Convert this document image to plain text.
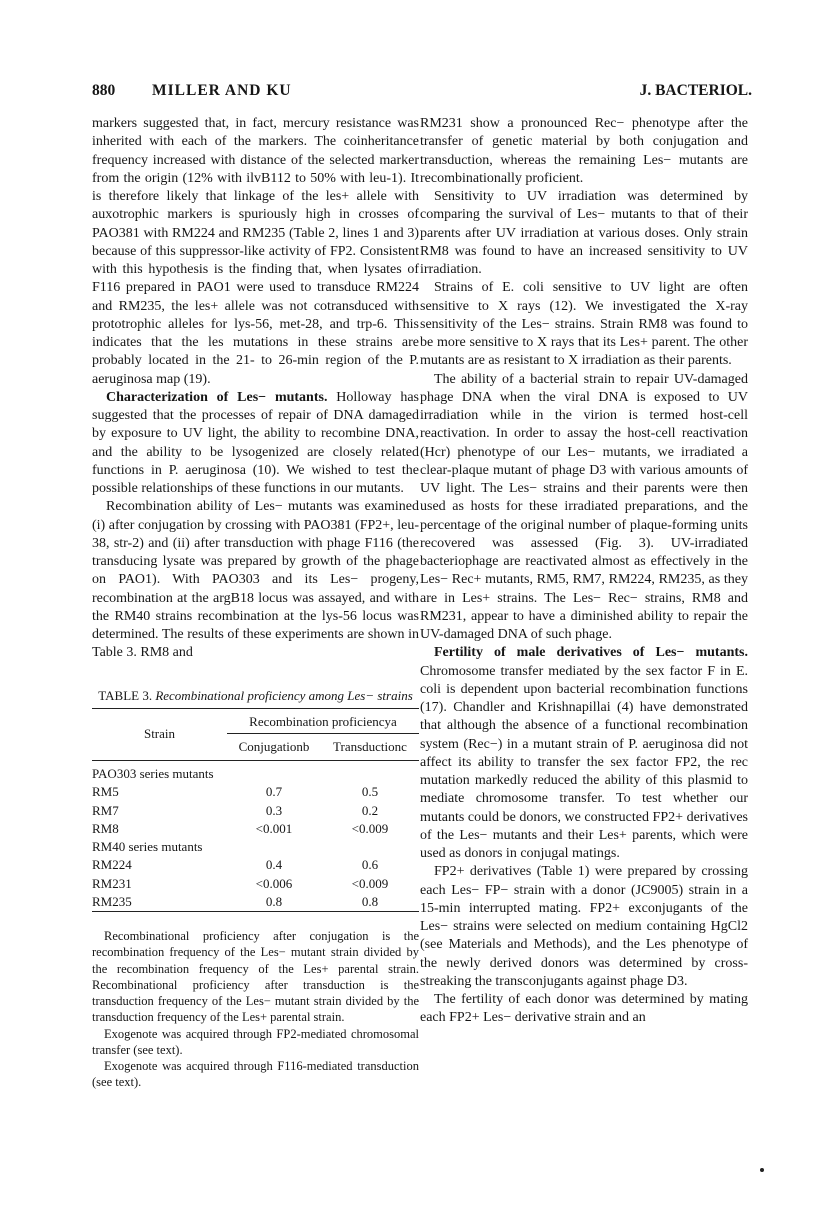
880 MILLER AND KU	J. BACTERIOL.

markers suggested that, in fact, mercury resistance was inherited with each of the markers. The coinheritance frequency increased with distance of the selected marker from the origin (12% with ilvB112 to 50% with leu-1). It is therefore likely that linkage of the les+ allele with auxotrophic markers is spuriously high in crosses of PAO381 with RM224 and RM235 (Table 2, lines 1 and 3) because of this suppressor-like activity of FP2. Consistent with this hypothesis is the finding that, when lysates of F116 prepared in PAO1 were used to transduce RM224 and RM235, the les+ allele was not cotransduced with prototrophic alleles for lys-56, met-28, and trp-6. This indicates that the les mutations in these strains are probably located in the 21- to 26-min region of the P. aeruginosa map (19).

Characterization of Les− mutants. Holloway has suggested that the processes of repair of DNA damaged by exposure to UV light, the ability to recombine DNA, and the ability to be lysogenized are closely related functions in P. aeruginosa (10). We wished to test the possible relationships of these functions in our mutants.

Recombination ability of Les− mutants was examined (i) after conjugation by crossing with PAO381 (FP2+, leu-38, str-2) and (ii) after transduction with phage F116 (the transducing lysate was prepared by growth of the phage on PAO1). With PAO303 and its Les− progeny, recombination at the argB18 locus was assayed, and with the RM40 strains recombination at the lys-56 locus was determined. The results of these experiments are shown in Table 3. RM8 and

TABLE 3. Recombinational proficiency among Les− strains

Strain	Recombination proficiencya	
	Conjugationb	Transductionc

PAO303 series mutants		
RM5	0.7	0.5
RM7	0.3	0.2
RM8	<0.001	<0.009
RM40 series mutants		
RM224	0.4	0.6
RM231	<0.006	<0.009
RM235	0.8	0.8

Recombinational proficiency after conjugation is the recombination frequency of the Les− mutant strain divided by the recombination frequency of the Les+ parental strain. Recombinational proficiency after transduction is the transduction frequency of the Les− mutant strain divided by the transduction frequency of the Les+ parental strain.
Exogenote was acquired through FP2-mediated chromosomal transfer (see text).
Exogenote was acquired through F116-mediated transduction (see text).

RM231 show a pronounced Rec− phenotype after the transfer of genetic material by both conjugation and transduction, whereas the remaining Les− mutants are recombinationally proficient.

Sensitivity to UV irradiation was determined by comparing the survival of Les− mutants to that of their parents after UV irradiation at various doses. Only strain RM8 was found to have an increased sensitivity to UV irradiation.

Strains of E. coli sensitive to UV light are often sensitive to X rays (12). We investigated the X-ray sensitivity of the Les− strains. Strain RM8 was found to be more sensitive to X rays that its Les+ parent. The other mutants are as resistant to X irradiation as their parents.

The ability of a bacterial strain to repair UV-damaged phage DNA when the viral DNA is exposed to UV irradiation while in the virion is termed host-cell reactivation. In order to assay the host-cell reactivation (Hcr) phenotype of our Les− mutants, we irradiated a clear-plaque mutant of phage D3 with various amounts of UV light. The Les− strains and their parents were then used as hosts for these irradiated preparations, and the percentage of the original number of plaque-forming units recovered was assessed (Fig. 3). UV-irradiated bacteriophage are reactivated almost as effectively in the Les− Rec+ mutants, RM5, RM7, RM224, RM235, as they are in Les+ strains. The Les− Rec− strains, RM8 and RM231, appear to have a diminished ability to repair the UV-damaged DNA of such phage.

Fertility of male derivatives of Les− mutants. Chromosome transfer mediated by the sex factor F in E. coli is dependent upon bacterial recombination functions (17). Chandler and Krishnapillai (4) have demonstrated that although the absence of a functional recombination system (Rec−) in a mutant strain of P. aeruginosa did not affect its ability to transfer the sex factor FP2, the rec mutation markedly reduced the ability of this plasmid to mediate chromosome transfer. To test whether our mutants could be donors, we constructed FP2+ derivatives of the Les− mutants and their Les+ parents, which were used as donors in conjugal matings.

FP2+ derivatives (Table 1) were prepared by crossing each Les− FP− strain with a donor (JC9005) strain in a 15-min interrupted mating. FP2+ exconjugants of the Les− strains were selected on medium containing HgCl2 (see Materials and Methods), and the Les phenotype of the newly derived donors was determined by cross-streaking the transconjugants against phage D3.

The fertility of each donor was determined by mating each FP2+ Les− derivative strain and an
